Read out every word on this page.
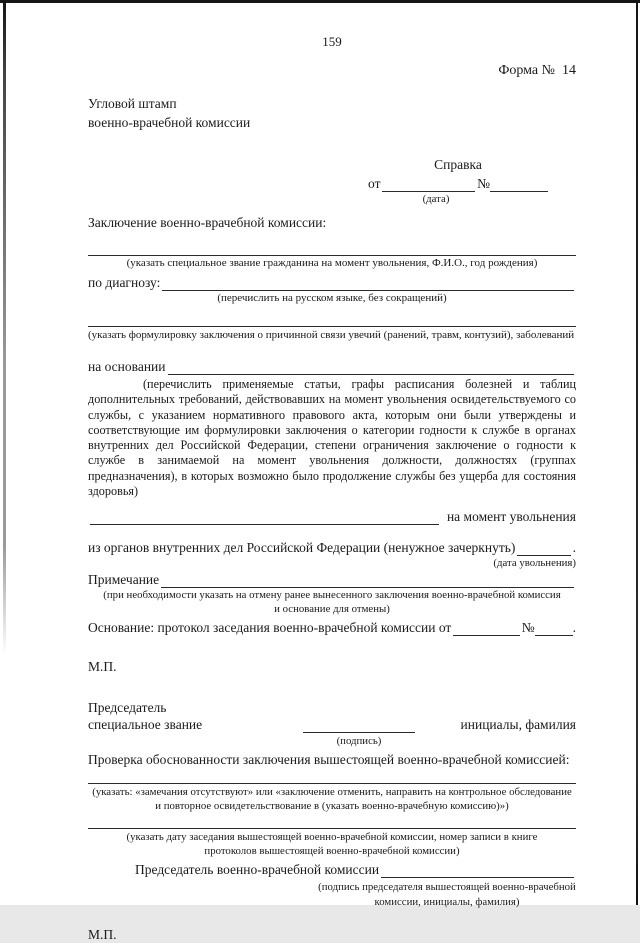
159
Форма №  14
Угловой штамп
военно-врачебной комиссии
Справка
от	№
(дата)
Заключение военно-врачебной комиссии:
(указать специальное звание гражданина на момент увольнения, Ф.И.О., год рождения)
по диагнозу:
(перечислить на русском языке, без сокращений)
(указать формулировку заключения о причинной связи увечий (ранений, травм, контузий), заболеваний
на основании
(перечислить применяемые статьи, графы расписания болезней и таблиц дополнительных требований, действовавших на момент увольнения освидетельствуемого со службы, с указанием нормативного правового акта, которым они были утверждены и соответствующие им формулировки заключения о категории годности к службе в органах внутренних дел Российской Федерации, степени ограничения заключение о годности к службе в занимаемой на момент увольнения должности, должностях (группах предназначения), в которых возможно было продолжение службы без ущерба для состояния здоровья)
на момент увольнения
из органов внутренних дел Российской Федерации (ненужное зачеркнуть)	.
(дата увольнения)
Примечание
(при необходимости указать на отмену ранее вынесенного заключения военно-врачебной комиссия и основание для отмены)
Основание: протокол заседания военно-врачебной комиссии от	№	.
М.П.
Председатель
специальное звание	инициалы, фамилия
(подпись)
Проверка обоснованности заключения вышестоящей военно-врачебной комиссией:
(указать: «замечания отсутствуют» или «заключение отменить, направить на контрольное обследование и повторное освидетельствование в (указать военно-врачебную комиссию)»)
(указать дату заседания вышестоящей военно-врачебной комиссии, номер записи в книге протоколов вышестоящей военно-врачебной комиссии)
Председатель военно-врачебной комиссии
(подпись председателя вышестоящей военно-врачебной комиссии, инициалы, фамилия)
М.П.
